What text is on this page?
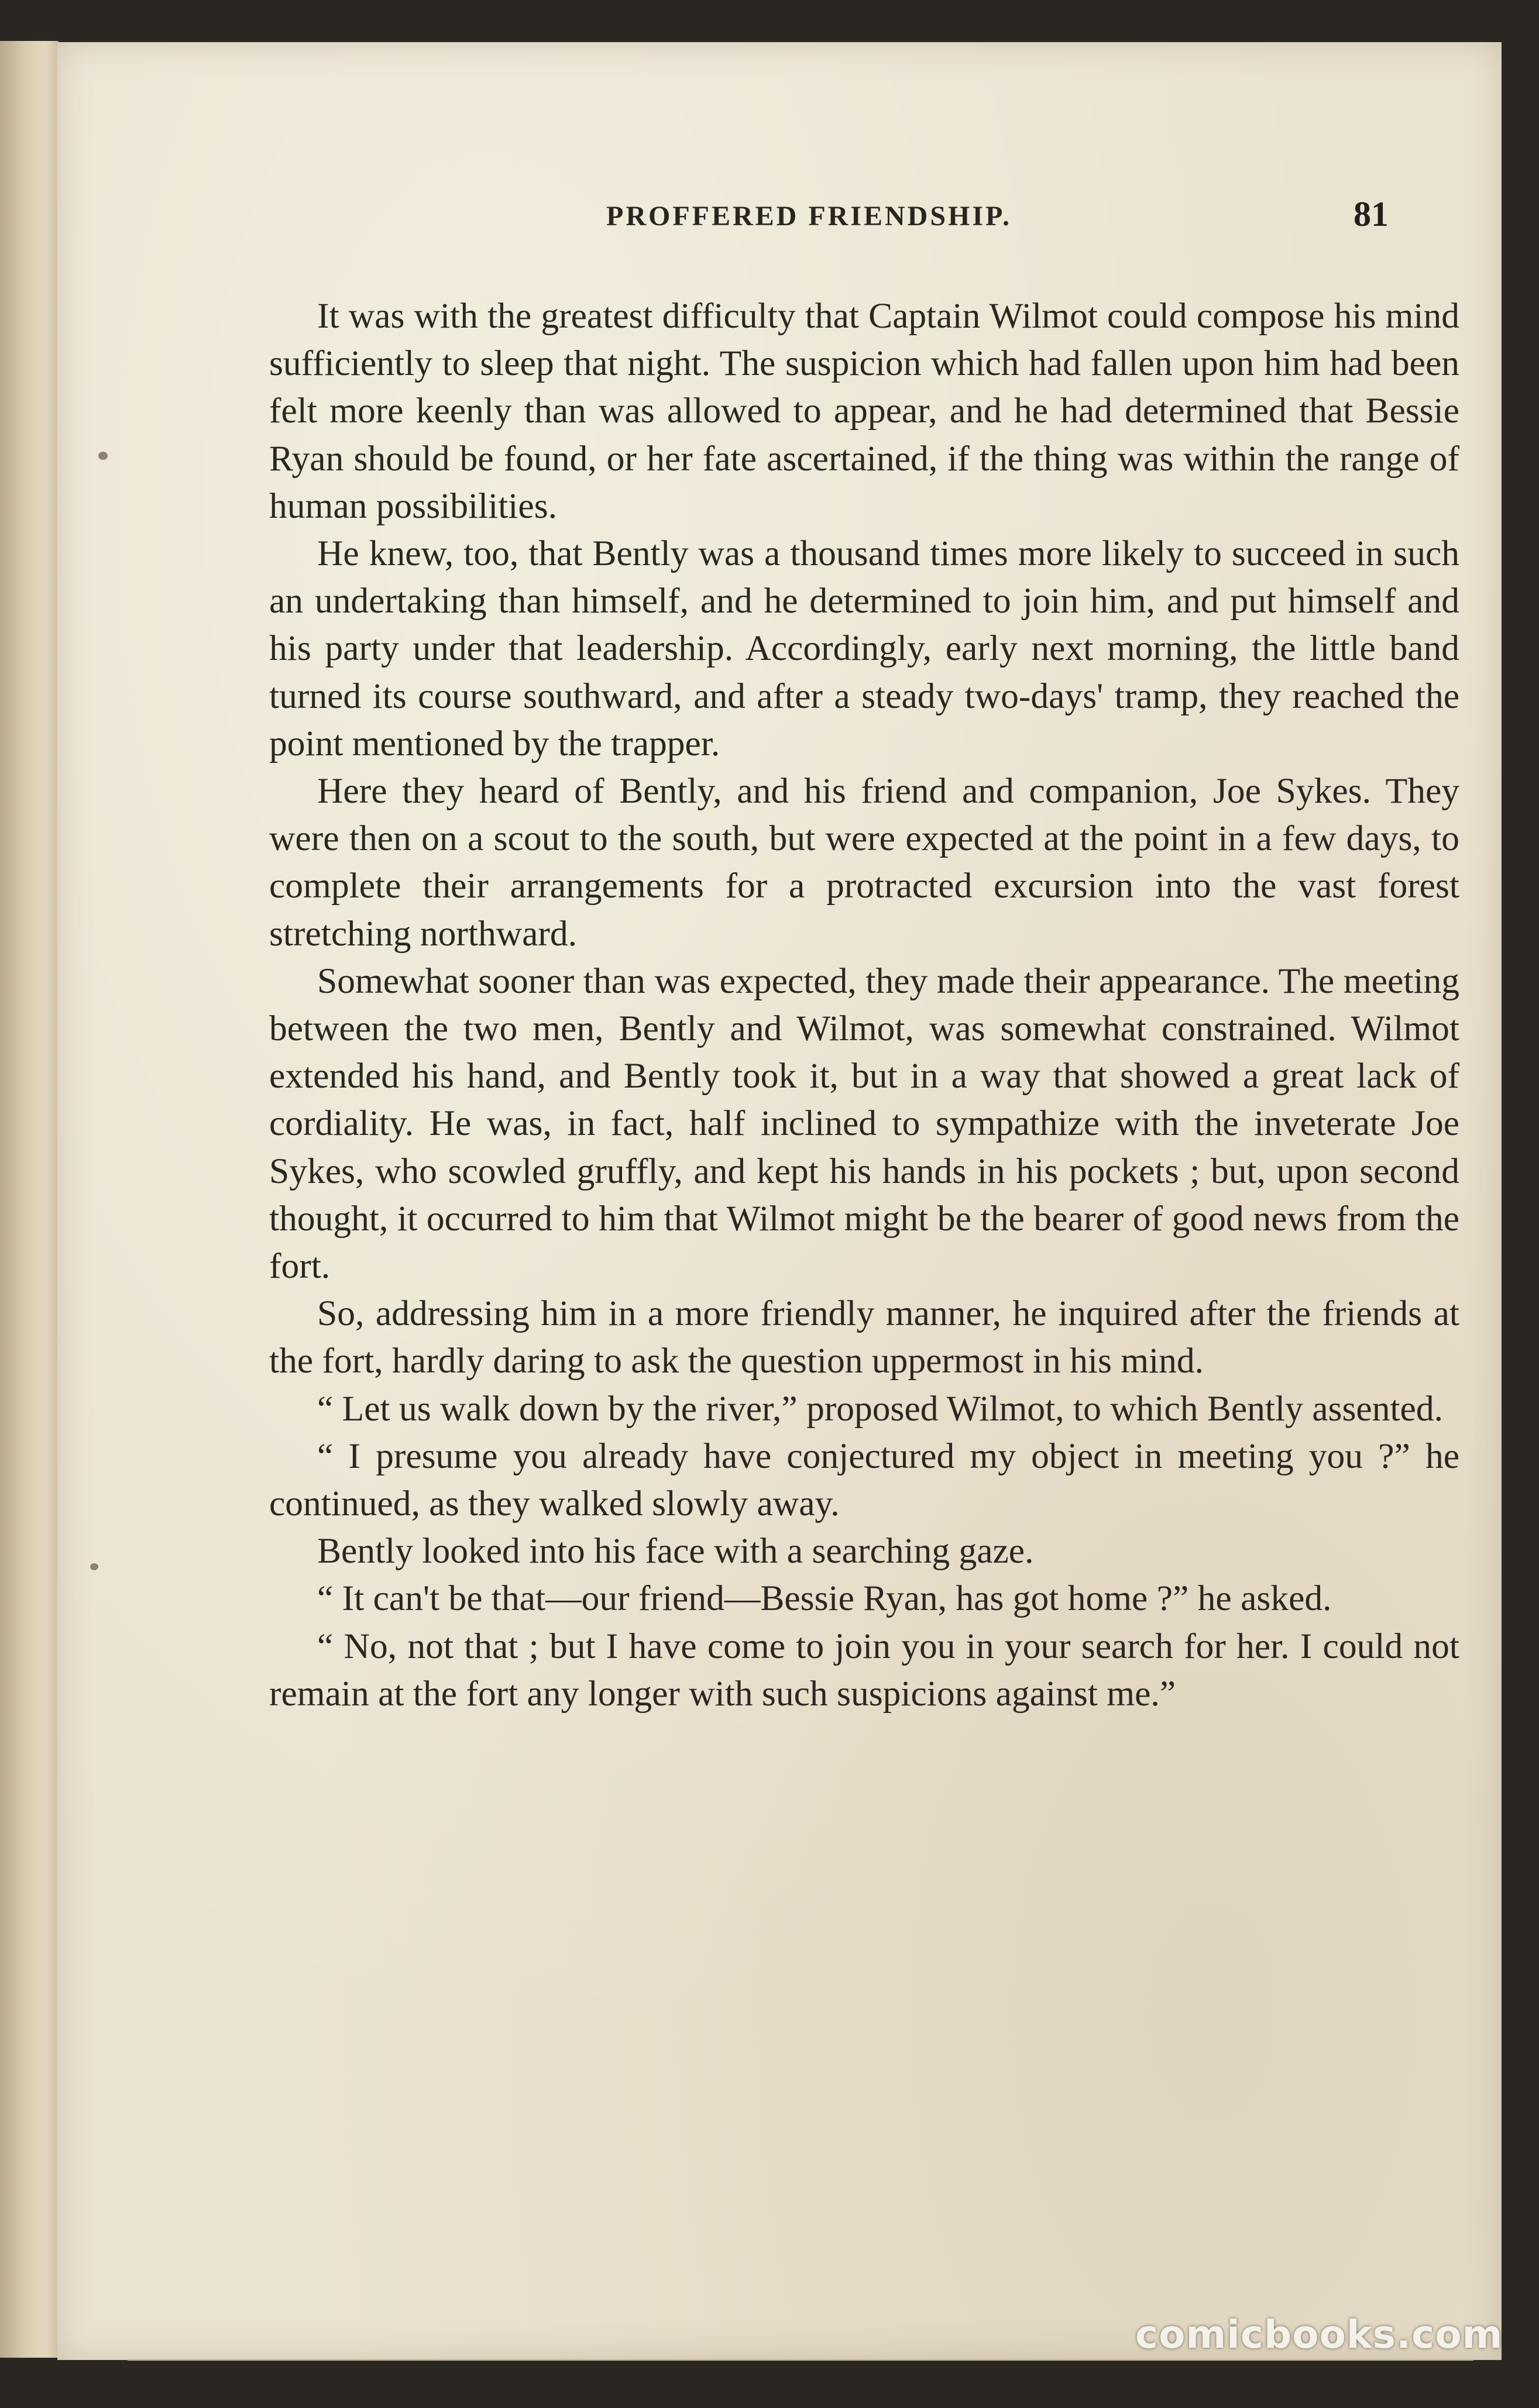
PROFFERED FRIENDSHIP.	81

It was with the greatest difficulty that Captain Wilmot could compose his mind sufficiently to sleep that night. The suspicion which had fallen upon him had been felt more keenly than was allowed to appear, and he had determined that Bessie Ryan should be found, or her fate ascertained, if the thing was within the range of human possibilities.

He knew, too, that Bently was a thousand times more likely to succeed in such an undertaking than himself, and he determined to join him, and put himself and his party under that leadership. Accordingly, early next morning, the little band turned its course southward, and after a steady two-days' tramp, they reached the point mentioned by the trapper.

Here they heard of Bently, and his friend and companion, Joe Sykes. They were then on a scout to the south, but were expected at the point in a few days, to complete their arrangements for a protracted excursion into the vast forest stretching northward.

Somewhat sooner than was expected, they made their appearance. The meeting between the two men, Bently and Wilmot, was somewhat constrained. Wilmot extended his hand, and Bently took it, but in a way that showed a great lack of cordiality. He was, in fact, half inclined to sympathize with the inveterate Joe Sykes, who scowled gruffly, and kept his hands in his pockets ; but, upon second thought, it occurred to him that Wilmot might be the bearer of good news from the fort.

So, addressing him in a more friendly manner, he inquired after the friends at the fort, hardly daring to ask the question uppermost in his mind.

“ Let us walk down by the river,” proposed Wilmot, to which Bently assented.

“ I presume you already have conjectured my object in meeting you ?” he continued, as they walked slowly away.

Bently looked into his face with a searching gaze.

“ It can't be that—our friend—Bessie Ryan, has got home ?” he asked.

“ No, not that ; but I have come to join you in your search for her. I could not remain at the fort any longer with such suspicions against me.”

comicbooks.com
